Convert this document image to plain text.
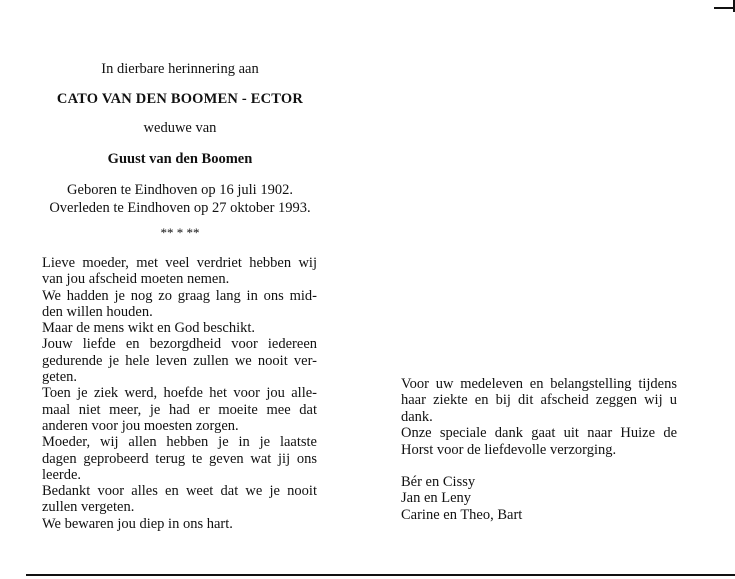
In dierbare herinnering aan
CATO VAN DEN BOOMEN - ECTOR
weduwe van
Guust van den Boomen
Geboren te Eindhoven op 16 juli 1902.
Overleden te Eindhoven op 27 oktober 1993.
** * **
Lieve moeder, met veel verdriet hebben wij
van jou afscheid moeten nemen.
We hadden je nog zo graag lang in ons mid-
den willen houden.
Maar de mens wikt en God beschikt.
Jouw liefde en bezorgdheid voor iedereen
gedurende je hele leven zullen we nooit ver-
geten.
Toen je ziek werd, hoefde het voor jou alle-
maal niet meer, je had er moeite mee dat
anderen voor jou moesten zorgen.
Moeder, wij allen hebben je in je laatste
dagen geprobeerd terug te geven wat jij ons
leerde.
Bedankt voor alles en weet dat we je nooit
zullen vergeten.
We bewaren jou diep in ons hart.
Voor uw medeleven en belangstelling tijdens
haar ziekte en bij dit afscheid zeggen wij u
dank.
Onze speciale dank gaat uit naar Huize de
Horst voor de liefdevolle verzorging.
Bér en Cissy
Jan en Leny
Carine en Theo, Bart
